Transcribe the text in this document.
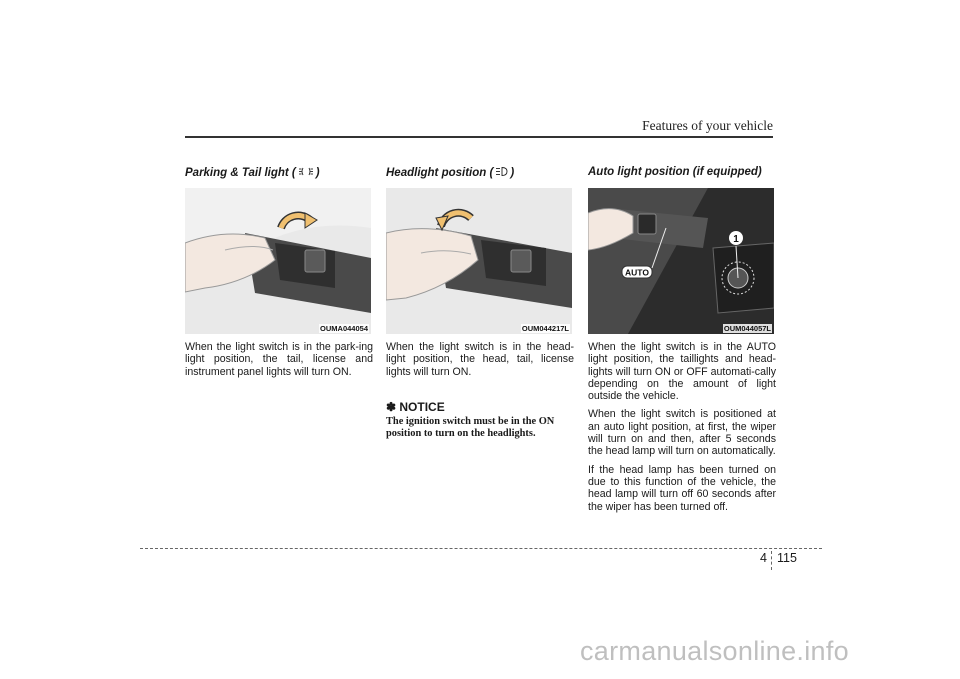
Features of your vehicle
Parking & Tail light ( )
OUMA044054

When the light switch is in the park-ing light position, the tail, license and instrument panel lights will turn ON.

Headlight position ( )
OUM044217L

When the light switch is in the head-light position, the head, tail, license lights will turn ON.

✽ NOTICE
The ignition switch must be in the ON position to turn on the headlights.
Auto light position (if equipped)
1
AUTO
OUM044057L

When the light switch is in the AUTO light position, the taillights and head-lights will turn ON or OFF automati-cally depending on the amount of light outside the vehicle.

When the light switch is positioned at an auto light position, at first, the wiper will turn on and then, after 5 seconds the head lamp will turn on automatically.

If the head lamp has been turned on due to this function of the vehicle, the head lamp will turn off 60 seconds after the wiper has been turned off.

4 115
carmanualsonline.info
